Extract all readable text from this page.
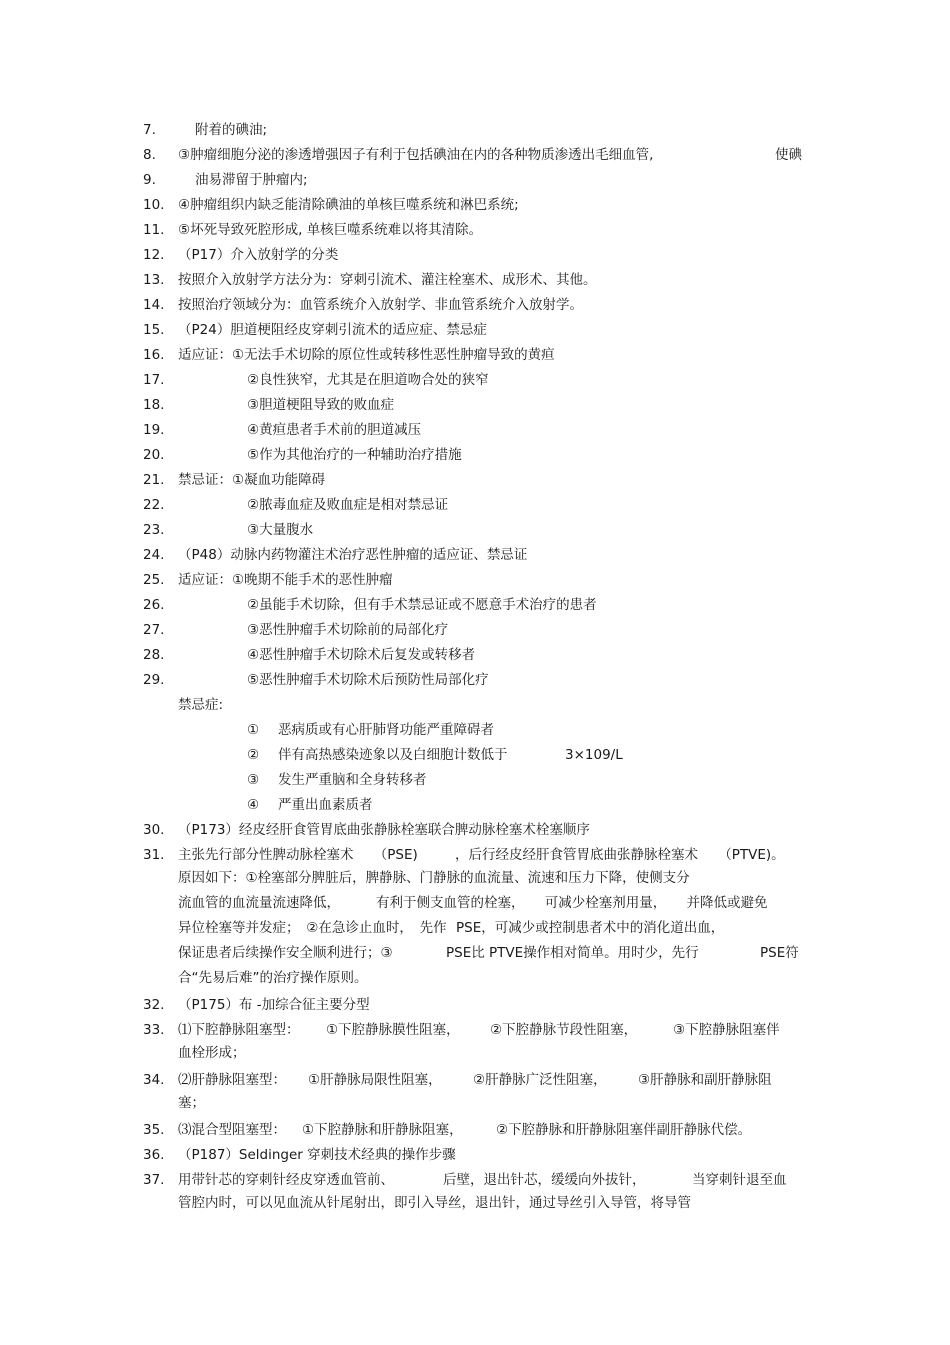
7.	附着的碘油;
8.	③肿瘤细胞分泌的渗透增强因子有利于包括碘油在内的各种物质渗透出毛细血管,	使碘
9.	油易滞留于肿瘤内;
10.	④肿瘤组织内缺乏能清除碘油的单核巨噬系统和淋巴系统;
11.	⑤坏死导致死腔形成, 单核巨噬系统难以将其清除。
12.	（P17）介入放射学的分类
13.	按照介入放射学方法分为：穿刺引流术、灌注栓塞术、成形术、其他。
14.	按照治疗领域分为：血管系统介入放射学、非血管系统介入放射学。
15.	（P24）胆道梗阻经皮穿刺引流术的适应症、禁忌症
16.	适应证：①无法手术切除的原位性或转移性恶性肿瘤导致的黄疸
17.	②良性狭窄，尤其是在胆道吻合处的狭窄
18.	③胆道梗阻导致的败血症
19.	④黄疸患者手术前的胆道减压
20.	⑤作为其他治疗的一种辅助治疗措施
21.	禁忌证：①凝血功能障碍
22.	②脓毒血症及败血症是相对禁忌证
23.	③大量腹水
24.	（P48）动脉内药物灌注术治疗恶性肿瘤的适应证、禁忌证
25.	适应证：①晚期不能手术的恶性肿瘤
26.	②虽能手术切除，但有手术禁忌证或不愿意手术治疗的患者
27.	③恶性肿瘤手术切除前的局部化疗
28.	④恶性肿瘤手术切除术后复发或转移者
29.	⑤恶性肿瘤手术切除术后预防性局部化疗
禁忌症:
① 恶病质或有心肝肺肾功能严重障碍者
② 伴有高热感染迹象以及白细胞计数低于	3×109/L
③ 发生严重脑和全身转移者
④ 严重出血素质者
30.	（P173）经皮经肝食管胃底曲张静脉栓塞联合脾动脉栓塞术栓塞顺序
31.	主张先行部分性脾动脉栓塞术　　（PSE)	，后行经皮经肝食管胃底曲张静脉栓塞术　　（PTVE)。
原因如下：①栓塞部分脾脏后，脾静脉、门静脉的血流量、流速和压力下降，使侧支分
流血管的血流量流速降低，	有利于侧支血管的栓塞，　　可减少栓塞剂用量，　　并降低或避免
异位栓塞等并发症；　②在急诊止血时，　先作 PSE，可减少或控制患者术中的消化道出血，
保证患者后续操作安全顺利进行；③	PSE比 PTVE操作相对简单。用时少，先行	PSE符
合“先易后难”的治疗操作原则。
32.	（P175）布 -加综合征主要分型
33.	⑴下腔静脉阻塞型： ①下腔静脉膜性阻塞， ②下腔静脉节段性阻塞，	③下腔静脉阻塞伴
血栓形成；
34.	⑵肝静脉阻塞型： ①肝静脉局限性阻塞， ②肝静脉广泛性阻塞， ③肝静脉和副肝静脉阻
塞；
35.	⑶混合型阻塞型： ①下腔静脉和肝静脉阻塞， ②下腔静脉和肝静脉阻塞伴副肝静脉代偿。
36.	（P187）Seldinger 穿刺技术经典的操作步骤
37.	用带针芯的穿刺针经皮穿透血管前、	后壁，退出针芯，缓缓向外拔针，	当穿刺针退至血
管腔内时，可以见血流从针尾射出，即引入导丝，退出针，通过导丝引入导管，将导管
